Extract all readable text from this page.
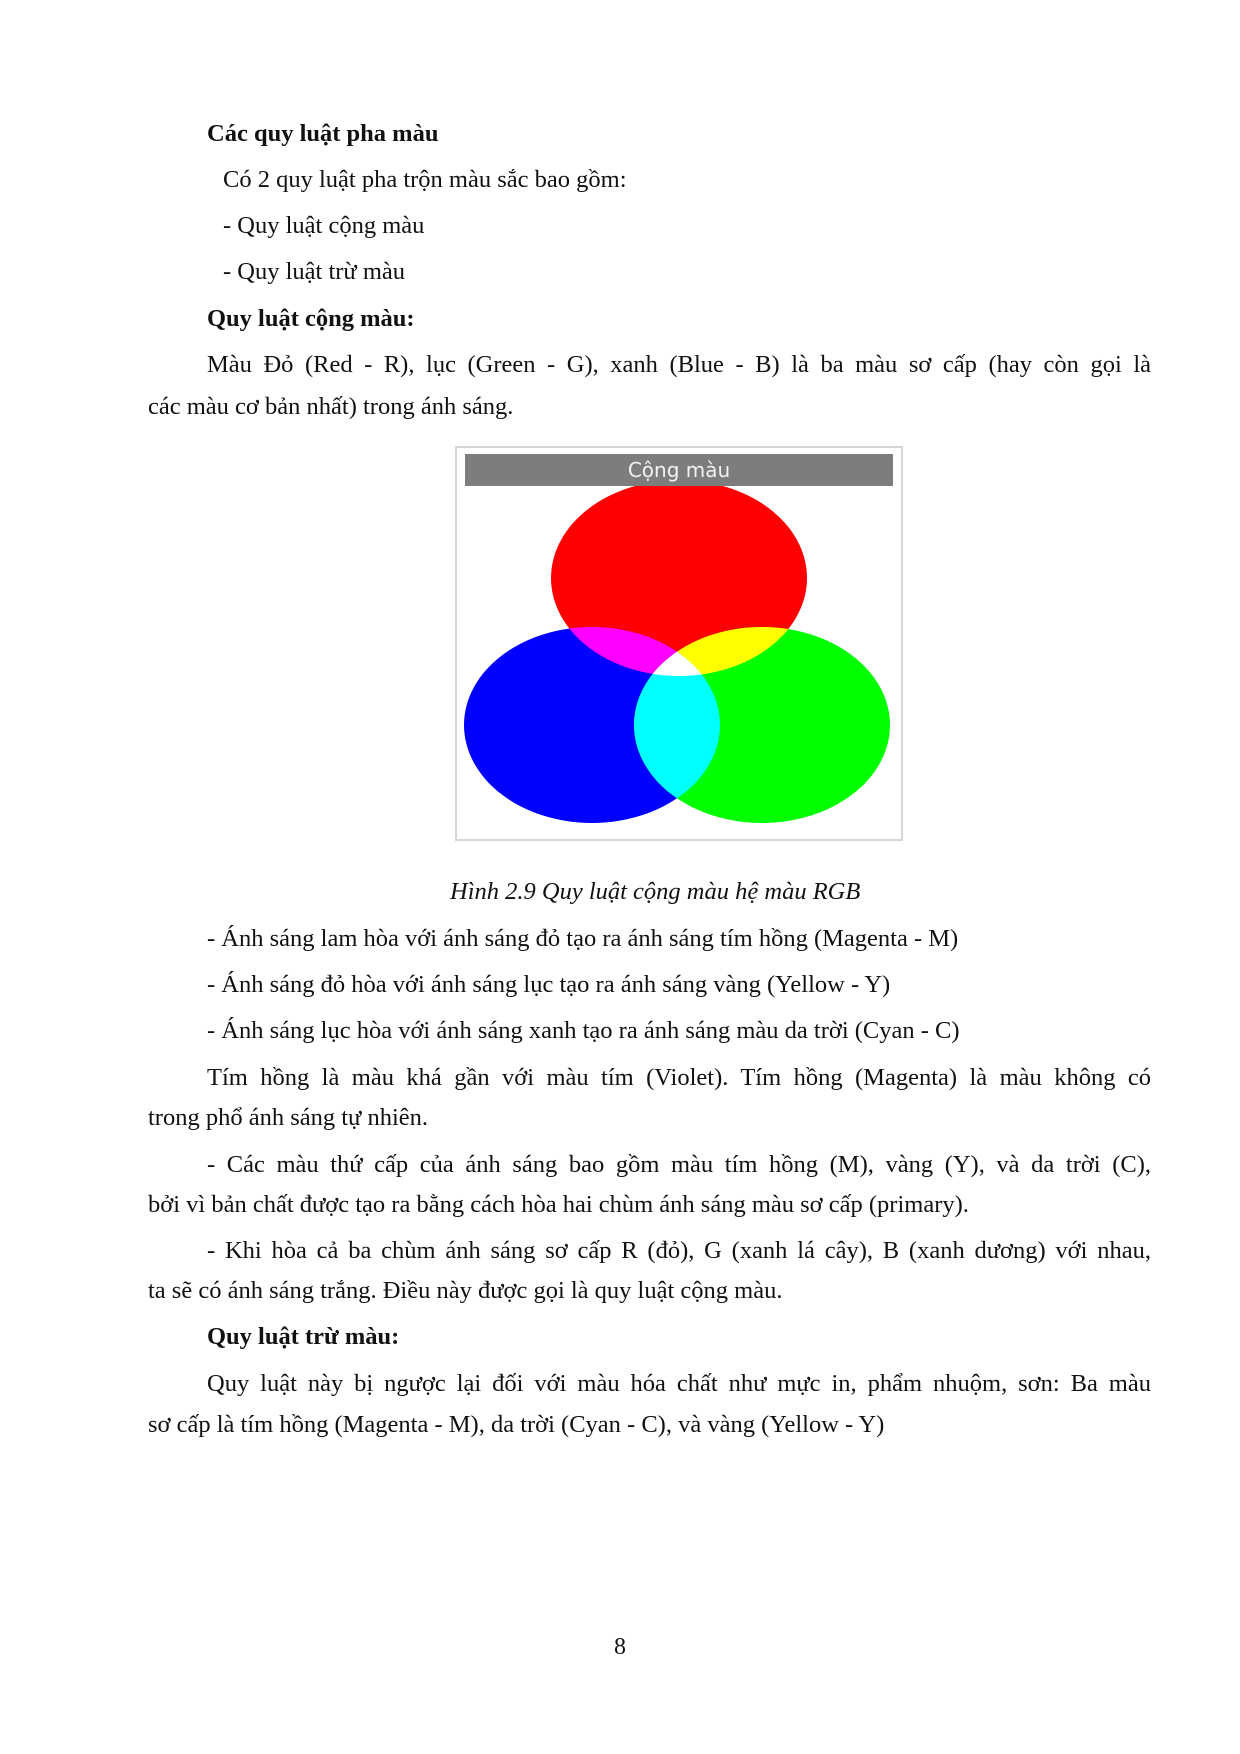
Các quy luật pha màu
Có 2 quy luật pha trộn màu sắc bao gồm:
- Quy luật cộng màu
- Quy luật trừ màu
Quy luật cộng màu:
Màu Đỏ (Red - R), lục (Green - G), xanh (Blue - B) là ba màu sơ cấp (hay còn gọi là
các màu cơ bản nhất) trong ánh sáng.
Cộng màu
Hình 2.9 Quy luật cộng màu hệ màu RGB
- Ánh sáng lam hòa với ánh sáng đỏ tạo ra ánh sáng tím hồng (Magenta - M)
- Ánh sáng đỏ hòa với ánh sáng lục tạo ra ánh sáng vàng (Yellow - Y)
- Ánh sáng lục hòa với ánh sáng xanh tạo ra ánh sáng màu da trời (Cyan - C)
Tím hồng là màu khá gần với màu tím (Violet). Tím hồng (Magenta) là màu không có
trong phổ ánh sáng tự nhiên.
- Các màu thứ cấp của ánh sáng bao gồm màu tím hồng (M), vàng (Y), và da trời (C),
bởi vì bản chất được tạo ra bằng cách hòa hai chùm ánh sáng màu sơ cấp (primary).
- Khi hòa cả ba chùm ánh sáng sơ cấp R (đỏ), G (xanh lá cây), B (xanh dương) với nhau,
ta sẽ có ánh sáng trắng. Điều này được gọi là quy luật cộng màu.
Quy luật trừ màu:
Quy luật này bị ngược lại đối với màu hóa chất như mực in, phẩm nhuộm, sơn: Ba màu
sơ cấp là tím hồng (Magenta - M), da trời (Cyan - C), và vàng (Yellow - Y)
8
